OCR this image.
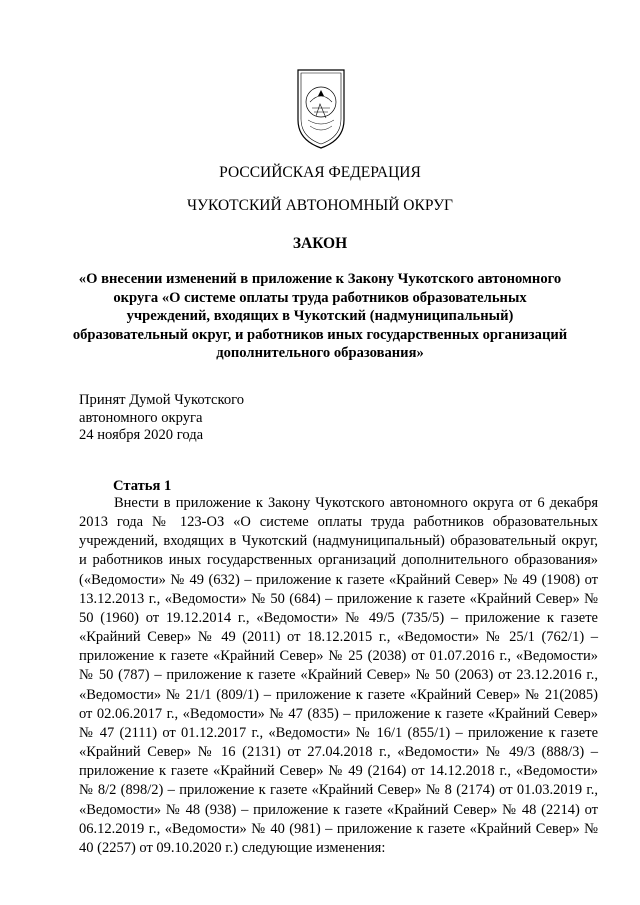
РОССИЙСКАЯ ФЕДЕРАЦИЯ
ЧУКОТСКИЙ АВТОНОМНЫЙ ОКРУГ
ЗАКОН
«О внесении изменений в приложение к Закону Чукотского автономного округа «О системе оплаты труда работников образовательных учреждений, входящих в Чукотский (надмуниципальный) образовательный округ, и работников иных государственных организаций дополнительного образования»
Принят Думой Чукотского
автономного округа
24 ноября 2020 года
Статья 1

Внести в приложение к Закону Чукотского автономного округа от 6 декабря 2013 года № 123-ОЗ «О системе оплаты труда работников образовательных учреждений, входящих в Чукотский (надмуниципальный) образовательный округ, и работников иных государственных организаций дополнительного образования» («Ведомости» № 49 (632) – приложение к газете «Крайний Север» № 49 (1908) от 13.12.2013 г., «Ведомости» № 50 (684) – приложение к газете «Крайний Север» № 50 (1960) от 19.12.2014 г., «Ведомости» № 49/5 (735/5) – приложение к газете «Крайний Север» № 49 (2011) от 18.12.2015 г., «Ведомости» № 25/1 (762/1) – приложение к газете «Крайний Север» № 25 (2038) от 01.07.2016 г., «Ведомости» № 50 (787) – приложение к газете «Крайний Север» № 50 (2063) от 23.12.2016 г., «Ведомости» № 21/1 (809/1) – приложение к газете «Крайний Север» № 21(2085) от 02.06.2017 г., «Ведомости» № 47 (835) – приложение к газете «Крайний Север» № 47 (2111) от 01.12.2017 г., «Ведомости» № 16/1 (855/1) – приложение к газете «Крайний Север» № 16 (2131) от 27.04.2018 г., «Ведомости» № 49/3 (888/3) – приложение к газете «Крайний Север» № 49 (2164) от 14.12.2018 г., «Ведомости» № 8/2 (898/2) – приложение к газете «Крайний Север» № 8 (2174) от 01.03.2019 г., «Ведомости» № 48 (938) – приложение к газете «Крайний Север» № 48 (2214) от 06.12.2019 г., «Ведомости» № 40 (981) – приложение к газете «Крайний Север» № 40 (2257) от 09.10.2020 г.) следующие изменения:
